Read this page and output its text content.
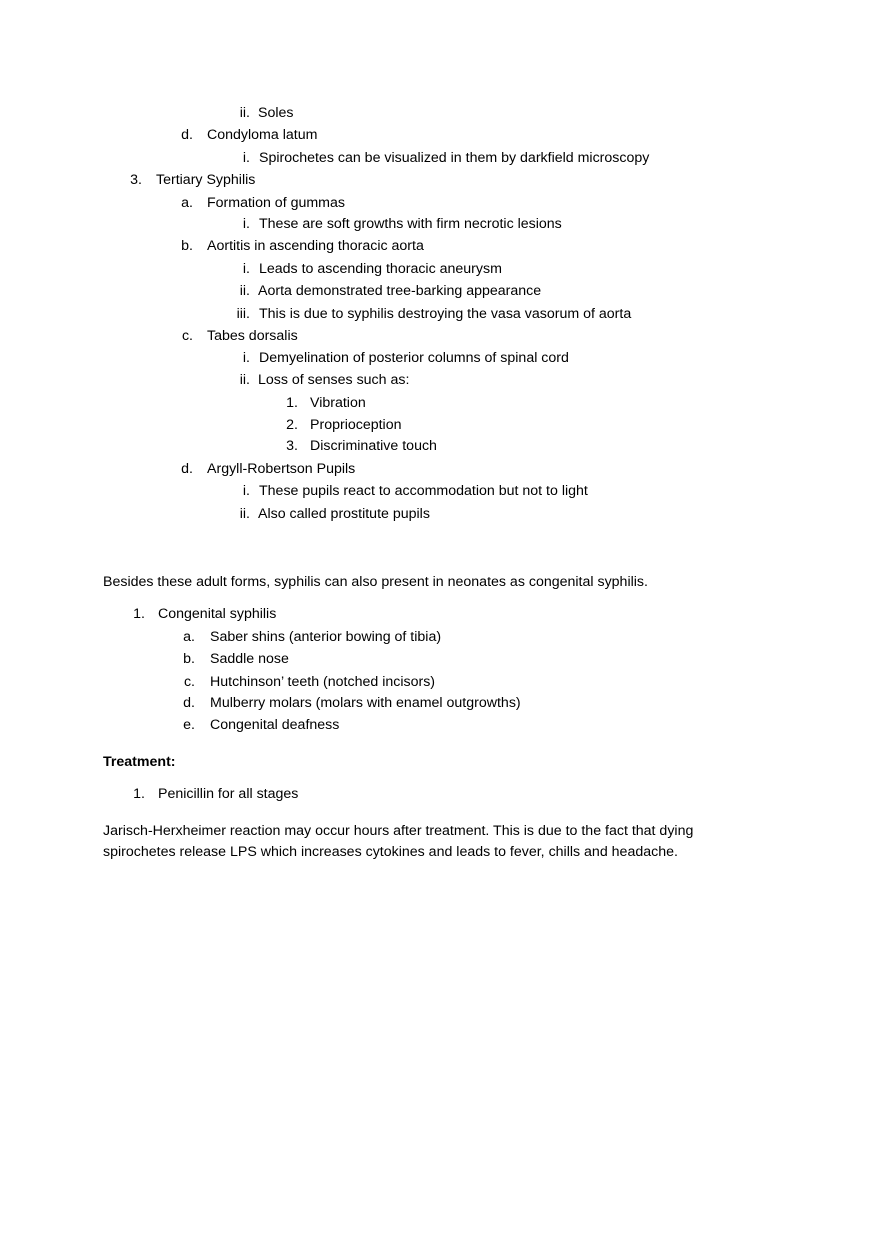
ii. Soles
d. Condyloma latum
i. Spirochetes can be visualized in them by darkfield microscopy
3. Tertiary Syphilis
a. Formation of gummas
i. These are soft growths with firm necrotic lesions
b. Aortitis in ascending thoracic aorta
i. Leads to ascending thoracic aneurysm
ii. Aorta demonstrated tree-barking appearance
iii. This is due to syphilis destroying the vasa vasorum of aorta
c. Tabes dorsalis
i. Demyelination of posterior columns of spinal cord
ii. Loss of senses such as:
1. Vibration
2. Proprioception
3. Discriminative touch
d. Argyll-Robertson Pupils
i. These pupils react to accommodation but not to light
ii. Also called prostitute pupils
Besides these adult forms, syphilis can also present in neonates as congenital syphilis.
1. Congenital syphilis
a. Saber shins (anterior bowing of tibia)
b. Saddle nose
c. Hutchinson’ teeth (notched incisors)
d. Mulberry molars (molars with enamel outgrowths)
e. Congenital deafness
Treatment:
1. Penicillin for all stages
Jarisch-Herxheimer reaction may occur hours after treatment. This is due to the fact that dying
spirochetes release LPS which increases cytokines and leads to fever, chills and headache.
